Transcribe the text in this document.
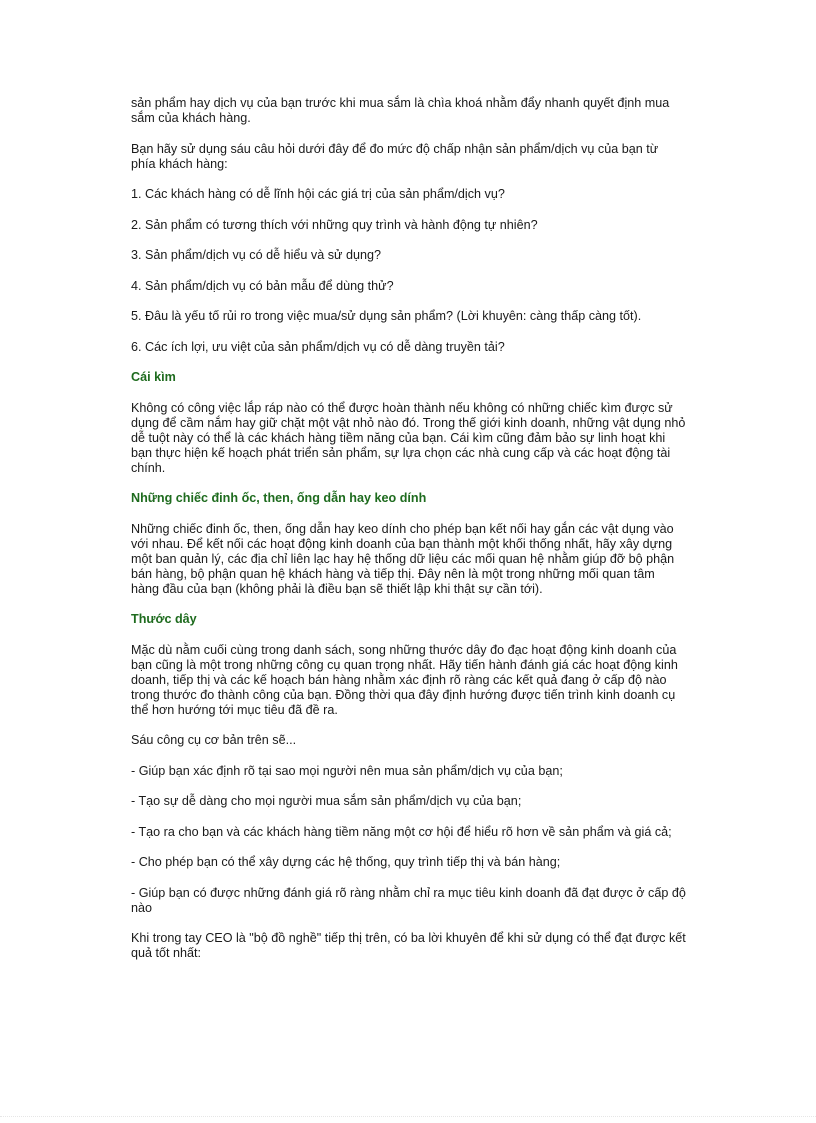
sản phẩm hay dịch vụ của bạn trước khi mua sắm là chìa khoá nhằm đẩy nhanh quyết định mua sắm của khách hàng.

Bạn hãy sử dụng sáu câu hỏi dưới đây để đo mức độ chấp nhận sản phẩm/dịch vụ của bạn từ phía khách hàng:

1. Các khách hàng có dễ lĩnh hội các giá trị của sản phẩm/dịch vụ?

2. Sản phẩm có tương thích với những quy trình và hành động tự nhiên?

3. Sản phẩm/dịch vụ có dễ hiểu và sử dụng?

4. Sản phẩm/dịch vụ có bản mẫu để dùng thử?

5. Đâu là yếu tố rủi ro trong việc mua/sử dụng sản phẩm? (Lời khuyên: càng thấp càng tốt).

6. Các ích lợi, ưu việt của sản phẩm/dịch vụ có dễ dàng truyền tải?

Cái kìm

Không có công việc lắp ráp nào có thể được hoàn thành nếu không có những chiếc kìm được sử dụng để cầm nắm hay giữ chặt một vật nhỏ nào đó. Trong thế giới kinh doanh, những vật dụng nhỏ dễ tuột này có thể là các khách hàng tiềm năng của bạn. Cái kìm cũng đảm bảo sự linh hoạt khi bạn thực hiện kế hoạch phát triển sản phẩm, sự lựa chọn các nhà cung cấp và các hoạt động tài chính.

Những chiếc đinh ốc, then, ống dẫn hay keo dính

Những chiếc đinh ốc, then, ống dẫn hay keo dính cho phép bạn kết nối hay gắn các vật dụng vào với nhau. Để kết nối các hoạt động kinh doanh của bạn thành một khối thống nhất, hãy xây dựng một ban quản lý, các địa chỉ liên lạc hay hệ thống dữ liệu các mối quan hệ nhằm giúp đỡ bộ phận bán hàng, bộ phận quan hệ khách hàng và tiếp thị. Đây nên là một trong những mối quan tâm hàng đầu của bạn (không phải là điều bạn sẽ thiết lập khi thật sự cần tới).

Thước dây

Mặc dù nằm cuối cùng trong danh sách, song những thước dây đo đạc hoạt động kinh doanh của bạn cũng là một trong những công cụ quan trọng nhất. Hãy tiến hành đánh giá các hoạt động kinh doanh, tiếp thị và các kế hoạch bán hàng nhằm xác định rõ ràng các kết quả đang ở cấp độ nào trong thước đo thành công của bạn. Đồng thời qua đây định hướng được tiến trình kinh doanh cụ thể hơn hướng tới mục tiêu đã đề ra.

Sáu công cụ cơ bản trên sẽ...

- Giúp bạn xác định rõ tại sao mọi người nên mua sản phẩm/dịch vụ của bạn;

- Tạo sự dễ dàng cho mọi người mua sắm sản phẩm/dịch vụ của bạn;

- Tạo ra cho bạn và các khách hàng tiềm năng một cơ hội để hiểu rõ hơn về sản phẩm và giá cả;

- Cho phép bạn có thể xây dựng các hệ thống, quy trình tiếp thị và bán hàng;

- Giúp bạn có được những đánh giá rõ ràng nhằm chỉ ra mục tiêu kinh doanh đã đạt được ở cấp độ nào

Khi trong tay CEO là "bộ đồ nghề" tiếp thị trên, có ba lời khuyên để khi sử dụng có thể đạt được kết quả tốt nhất:
